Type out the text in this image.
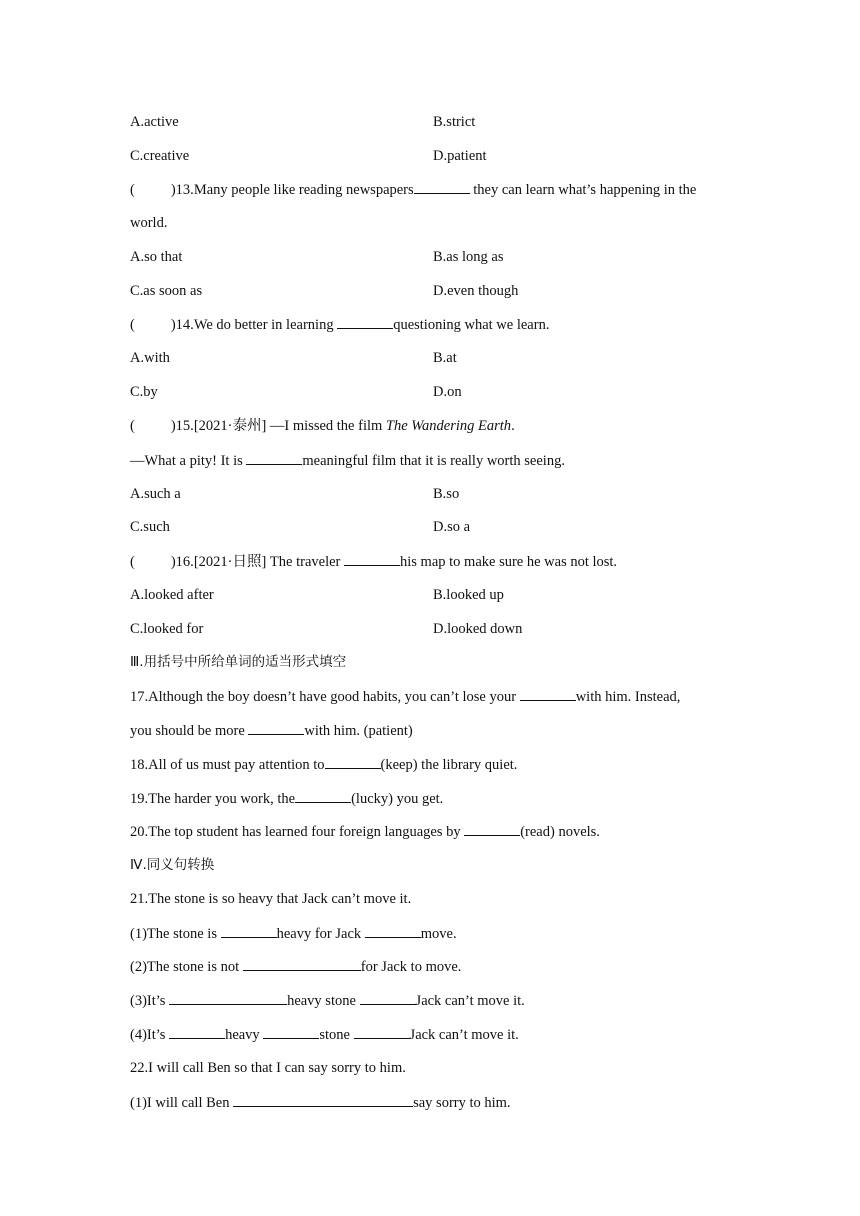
A.active	B.strict
C.creative	D.patient
( )13.Many people like reading newspapers	they can learn what’s happening in the
world.
A.so that	B.as long as
C.as soon as	D.even though
( )14.We do better in learning	questioning what we learn.
A.with	B.at
C.by	D.on
( )15.[2021·泰州] —I missed the film The Wandering Earth.
—What a pity! It is	meaningful film that it is really worth seeing.
A.such a	B.so
C.such	D.so a
( )16.[2021·日照] The traveler	his map to make sure he was not lost.
A.looked after	B.looked up
C.looked for	D.looked down
Ⅲ.用括号中所给单词的适当形式填空
17.Although the boy doesn’t have good habits, you can’t lose your	with him. Instead,
you should be more	with him. (patient)
18.All of us must pay attention to	(keep) the library quiet.
19.The harder you work, the	(lucky) you get.
20.The top student has learned four foreign languages by	(read) novels.
Ⅳ.同义句转换
21.The stone is so heavy that Jack can’t move it.
(1)The stone is	heavy for Jack	move.
(2)The stone is not	for Jack to move.
(3)It’s	heavy stone	Jack can’t move it.
(4)It’s	heavy	stone	Jack can’t move it.
22.I will call Ben so that I can say sorry to him.
(1)I will call Ben	say sorry to him.
